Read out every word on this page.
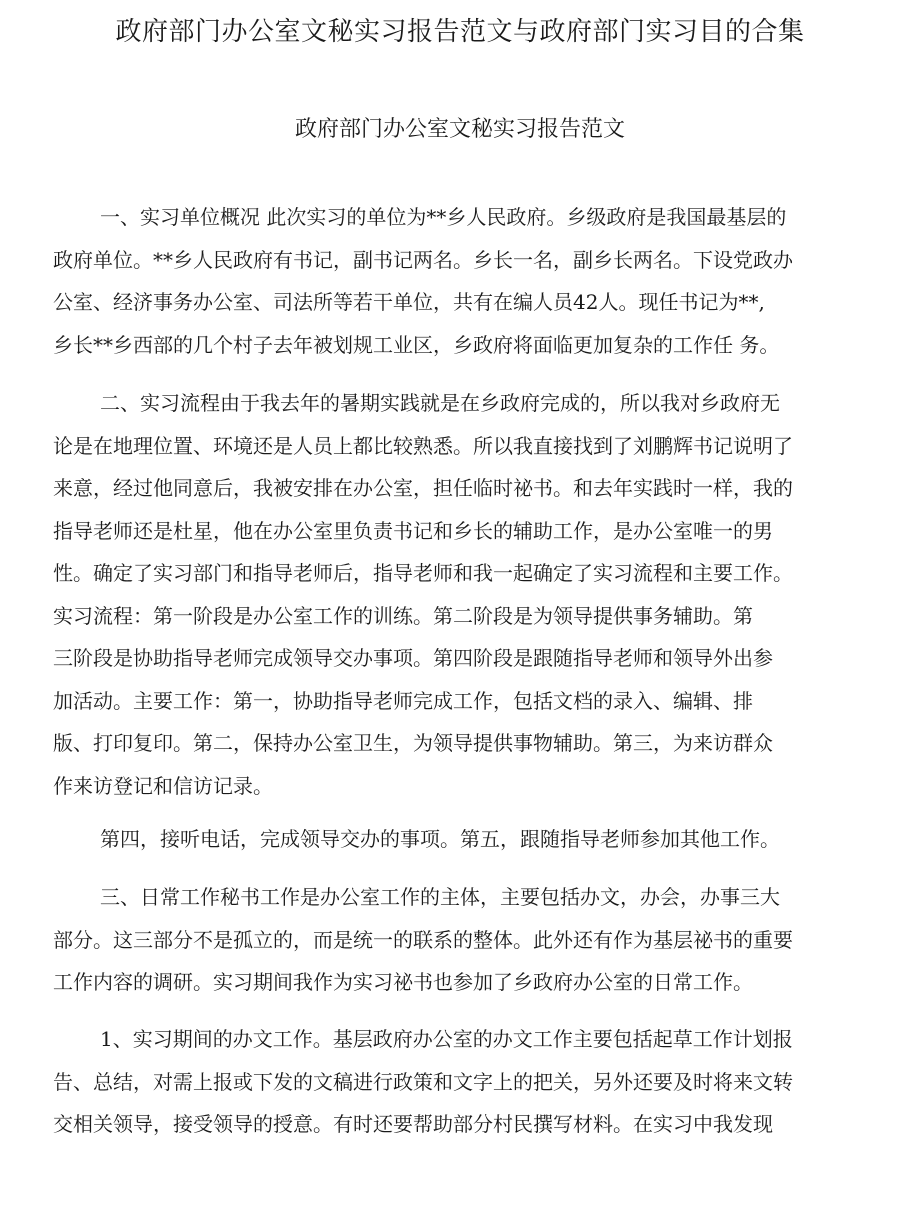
政府部门办公室文秘实习报告范文与政府部门实习目的合集
政府部门办公室文秘实习报告范文
一、实习单位概况 此次实习的单位为**乡人民政府。乡级政府是我国最基层的
政府单位。**乡人民政府有书记，副书记两名。乡长一名，副乡长两名。下设党政办
公室、经济事务办公室、司法所等若干单位，共有在编人员42人。现任书记为**,
乡长**乡西部的几个村子去年被划规工业区，乡政府将面临更加复杂的工作任 务。
二、实习流程由于我去年的暑期实践就是在乡政府完成的，所以我对乡政府无
论是在地理位置、环境还是人员上都比较熟悉。所以我直接找到了刘鹏辉书记说明了
来意，经过他同意后，我被安排在办公室，担任临时祕书。和去年实践时一样，我的
指导老师还是杜星，他在办公室里负责书记和乡长的辅助工作，是办公室唯一的男
性。确定了实习部门和指导老师后，指导老师和我一起确定了实习流程和主要工作。
实习流程：第一阶段是办公室工作的训练。第二阶段是为领导提供事务辅助。第
三阶段是协助指导老师完成领导交办事项。第四阶段是跟随指导老师和领导外出参
加活动。主要工作：第一，协助指导老师完成工作，包括文档的录入、编辑、排
版、打印复印。第二，保持办公室卫生，为领导提供事物辅助。第三，为来访群众
作来访登记和信访记录。
第四，接听电话，完成领导交办的事项。第五，跟随指导老师参加其他工作。
三、日常工作秘书工作是办公室工作的主体，主要包括办文，办会，办事三大
部分。这三部分不是孤立的，而是统一的联系的整体。此外还有作为基层祕书的重要
工作内容的调研。实习期间我作为实习祕书也参加了乡政府办公室的日常工作。
1、实习期间的办文工作。基层政府办公室的办文工作主要包括起草工作计划报
告、总结，对需上报或下发的文稿进行政策和文字上的把关，另外还要及时将来文转
交相关领导，接受领导的授意。有时还要帮助部分村民撰写材料。在实习中我发现
